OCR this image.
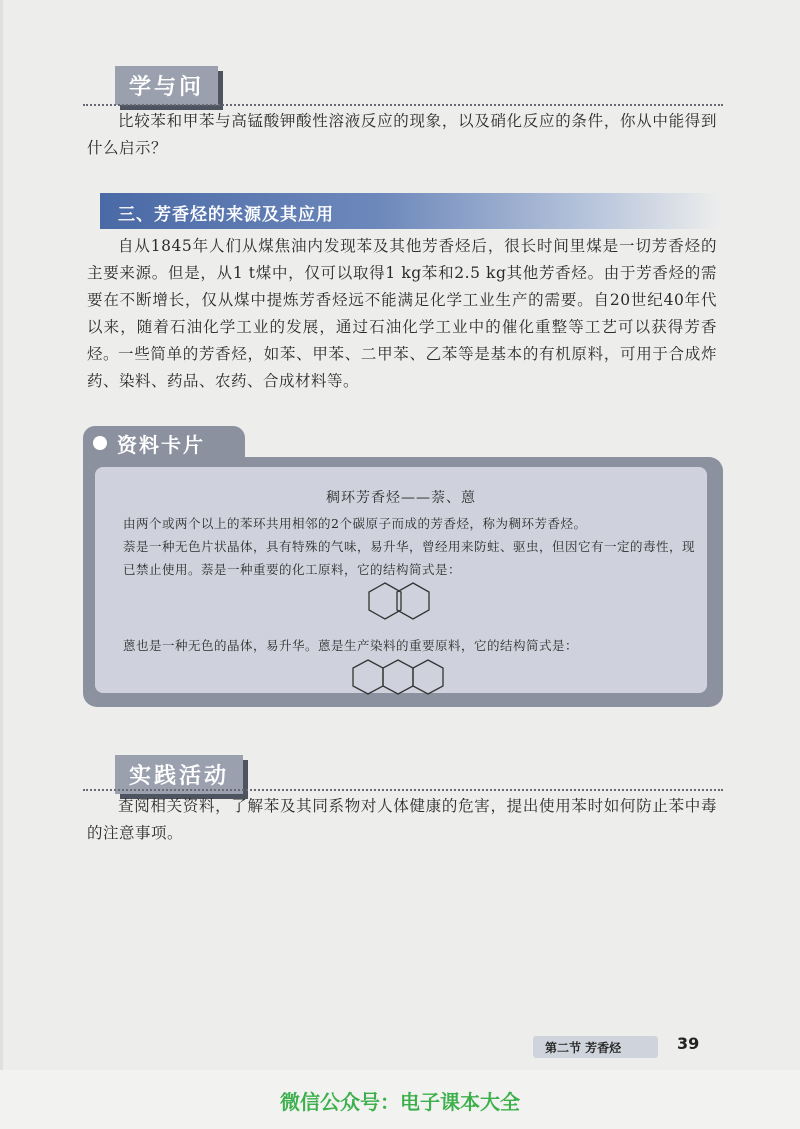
学与问

比较苯和甲苯与高锰酸钾酸性溶液反应的现象，以及硝化反应的条件，你从中能得到什么启示？

三、芳香烃的来源及其应用

自从1845年人们从煤焦油内发现苯及其他芳香烃后，很长时间里煤是一切芳香烃的主要来源。但是，从1 t煤中，仅可以取得1 kg苯和2.5 kg其他芳香烃。由于芳香烃的需要在不断增长，仅从煤中提炼芳香烃远不能满足化学工业生产的需要。自20世纪40年代以来，随着石油化学工业的发展，通过石油化学工业中的催化重整等工艺可以获得芳香烃。

一些简单的芳香烃，如苯、甲苯、二甲苯、乙苯等是基本的有机原料，可用于合成炸药、染料、药品、农药、合成材料等。

资料卡片
稠环芳香烃——萘、蒽

由两个或两个以上的苯环共用相邻的2个碳原子而成的芳香烃，称为稠环芳香烃。

萘是一种无色片状晶体，具有特殊的气味，易升华，曾经用来防蛀、驱虫，但因它有一定的毒性，现已禁止使用。萘是一种重要的化工原料，它的结构简式是：

蒽也是一种无色的晶体，易升华。蒽是生产染料的重要原料，它的结构简式是：

实践活动

查阅相关资料，了解苯及其同系物对人体健康的危害，提出使用苯时如何防止苯中毒的注意事项。

第二节 芳香烃	39
微信公众号：电子课本大全
